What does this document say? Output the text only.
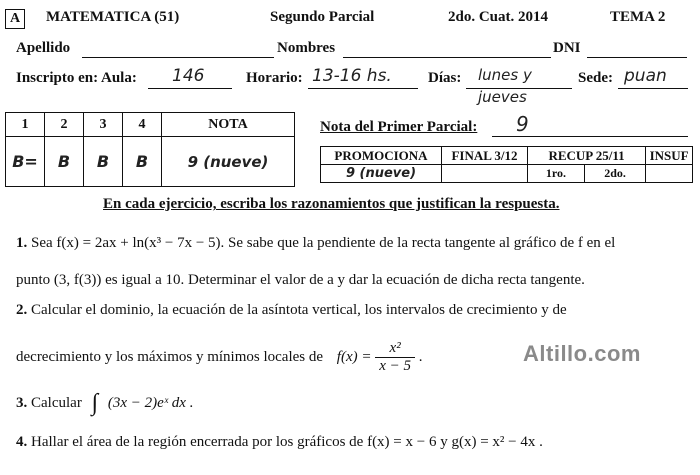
A	MATEMATICA (51)	Segundo Parcial	2do. Cuat. 2014	TEMA 2
Apellido	Nombres	DNI
Inscripto en: Aula: 146	Horario: 13-16 hs. Días: lunes y jueves
Sede: puan
1	2	3	4	NOTA
B=	B	B	B	9 (nueve)
Nota del Primer Parcial: 9
PROMOCIONA	FINAL 3/12	RECUP 25/11		INSUF
9 (nueve)		1ro.	2do.	
En cada ejercicio, escriba los razonamientos que justifican la respuesta.
1. Sea f(x) = 2ax + ln(x³ − 7x − 5). Se sabe que la pendiente de la recta tangente al gráfico de f en el
punto (3, f(3)) es igual a 10. Determinar el valor de a y dar la ecuación de dicha recta tangente.
2. Calcular el dominio, la ecuación de la asíntota vertical, los intervalos de crecimiento y de
decrecimiento y los máximos y mínimos locales de $f(x) = \frac{\text{x²}}{x - 5}$ .	Altillo.com
3. Calcular ∫ (3x − 2)eˣ dx .
4. Hallar el área de la región encerrada por los gráficos de f(x) = x − 6 y g(x) = x² − 4x .
